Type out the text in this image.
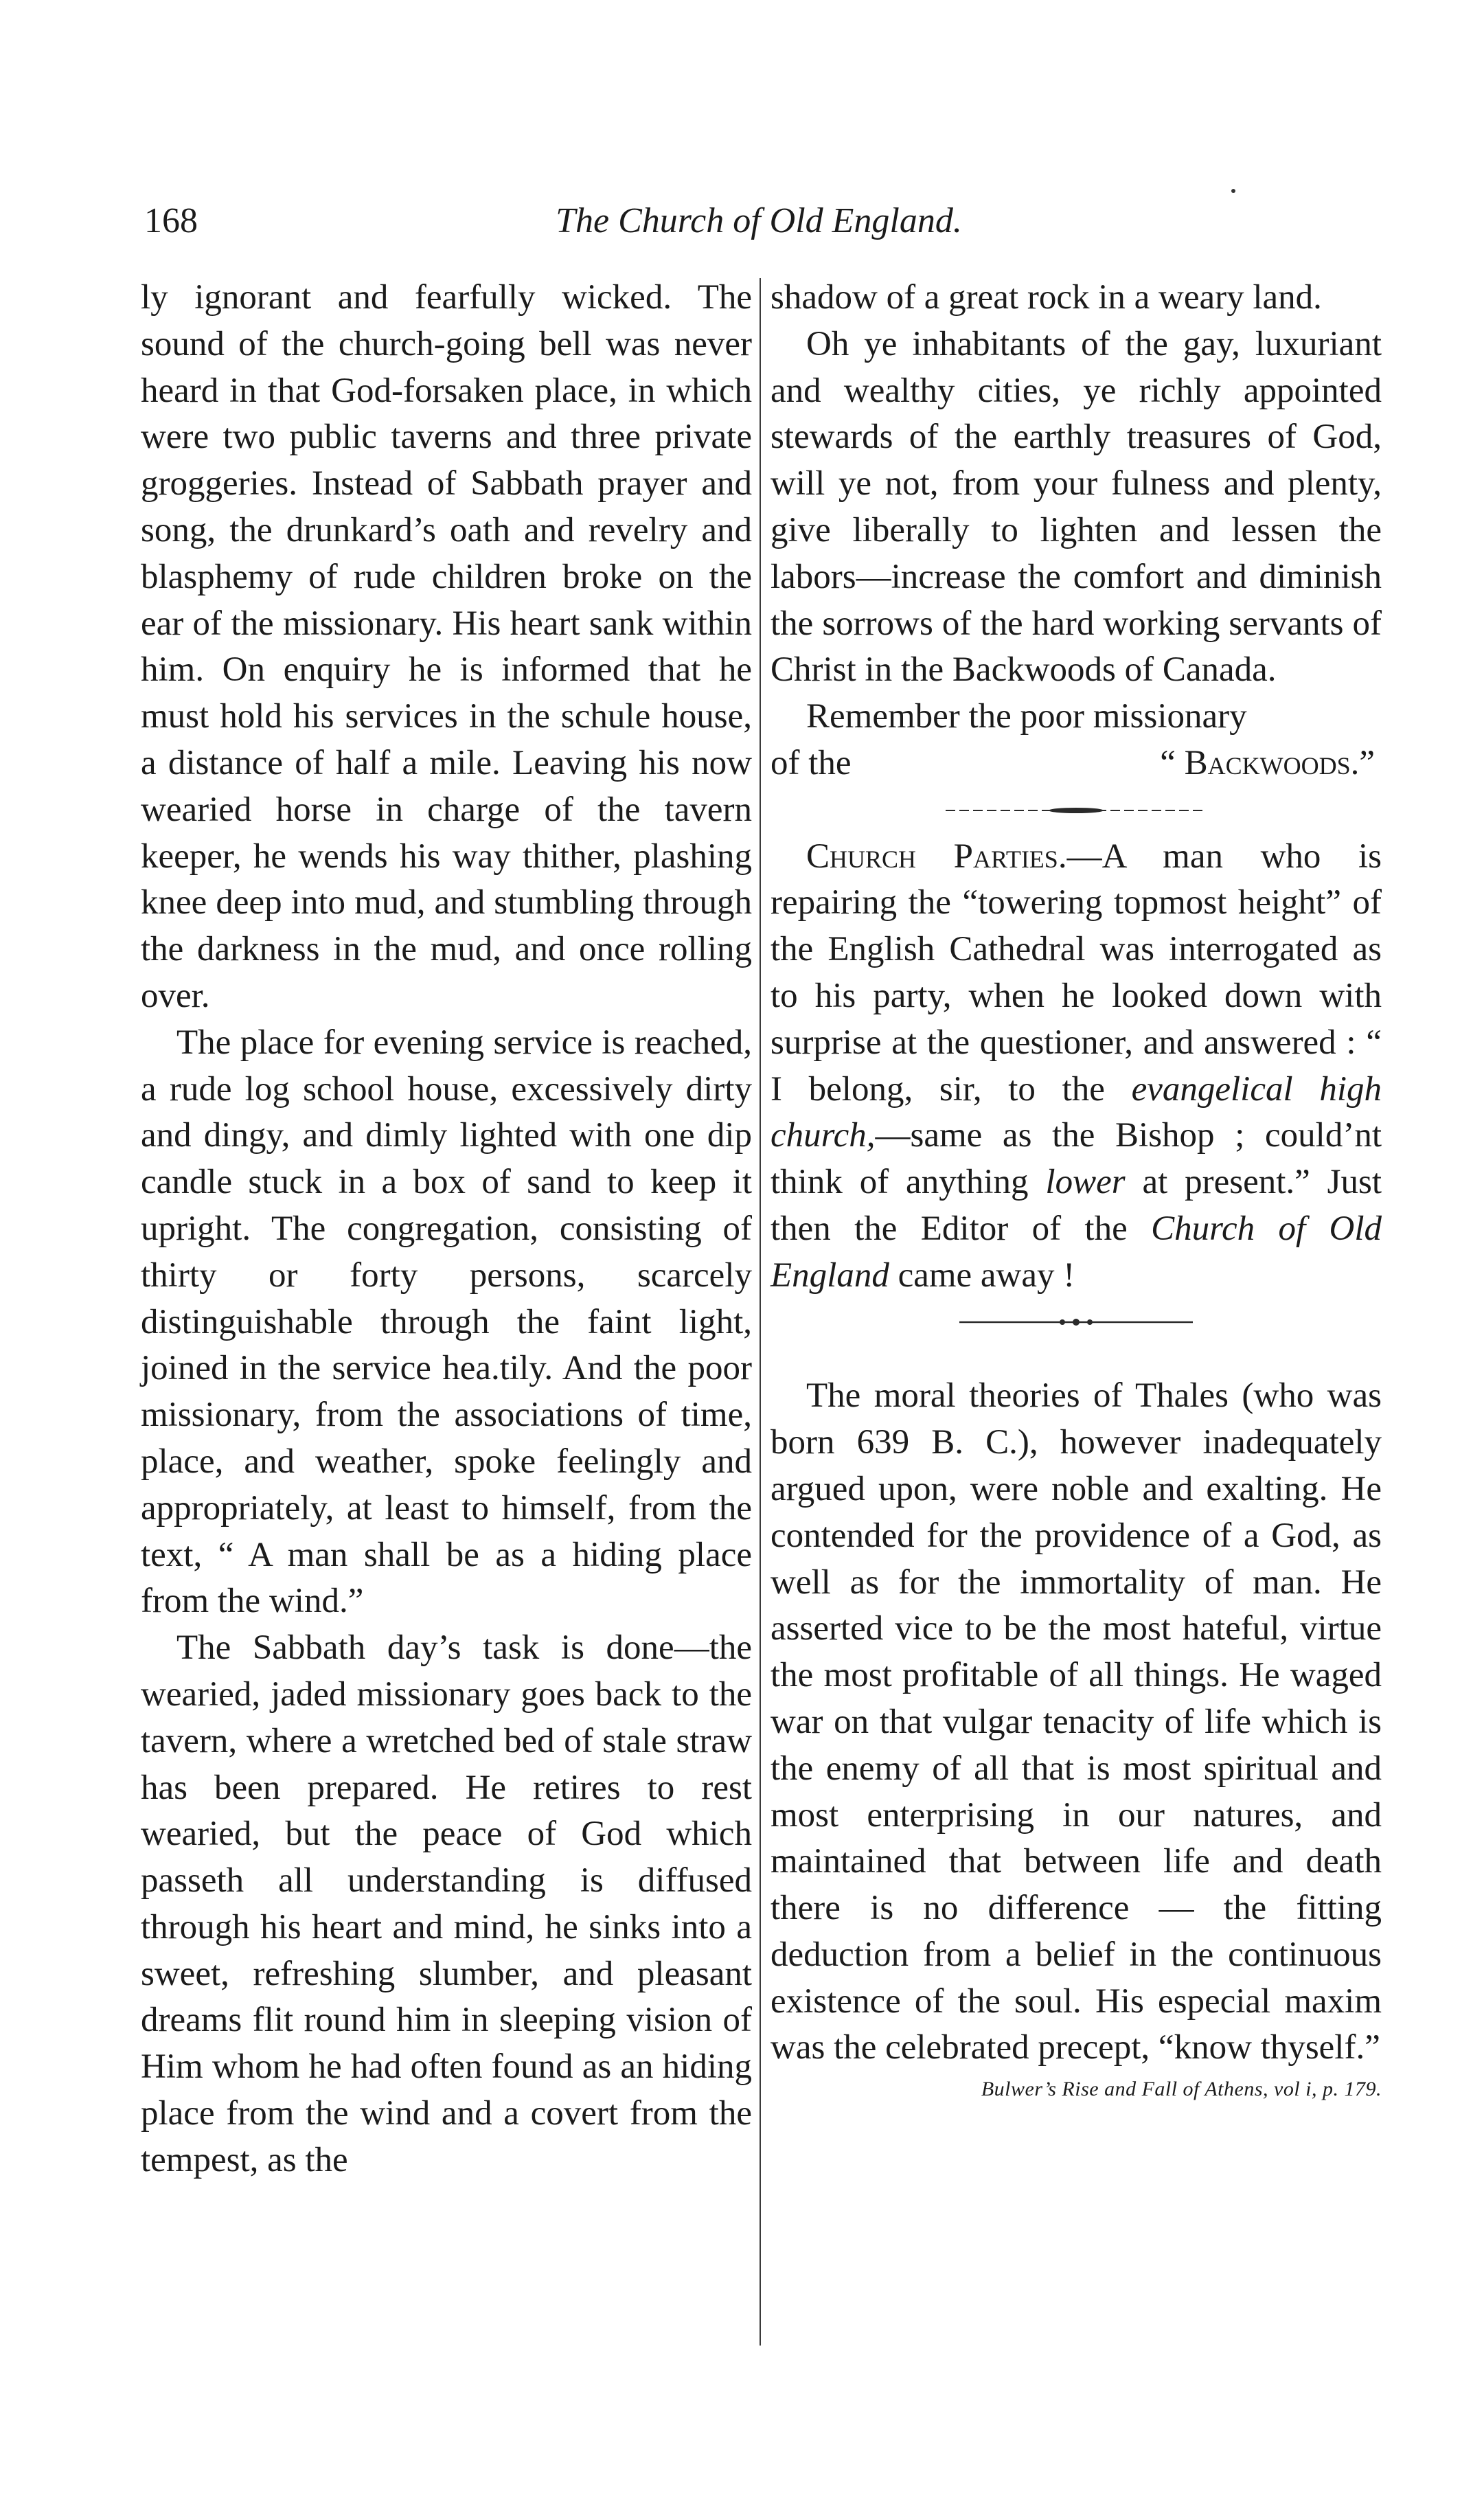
168	The Church of Old England.

ly ignorant and fearfully wicked. The sound of the church-going bell was never heard in that God-forsaken place, in which were two public taverns and three private groggeries. Instead of Sabbath prayer and song, the drunkard’s oath and revelry and blasphemy of rude children broke on the ear of the missionary. His heart sank within him. On enquiry he is informed that he must hold his services in the schule house, a distance of half a mile. Leaving his now wearied horse in charge of the tavern keeper, he wends his way thither, plashing knee deep into mud, and stumbling through the darkness in the mud, and once rolling over.

The place for evening service is reached, a rude log school house, excessively dirty and dingy, and dimly lighted with one dip candle stuck in a box of sand to keep it upright. The congregation, consisting of thirty or forty persons, scarcely distinguishable through the faint light, joined in the service hea.tily. And the poor missionary, from the associations of time, place, and weather, spoke feelingly and appropriately, at least to himself, from the text, “ A man shall be as a hiding place from the wind.”

The Sabbath day’s task is done—the wearied, jaded missionary goes back to the tavern, where a wretched bed of stale straw has been prepared. He retires to rest wearied, but the peace of God which passeth all understanding is diffused through his heart and mind, he sinks into a sweet, refreshing slumber, and pleasant dreams flit round him in sleeping vision of Him whom he had often found as an hiding place from the wind and a covert from the tempest, as the

shadow of a great rock in a weary land.

Oh ye inhabitants of the gay, luxuriant and wealthy cities, ye richly appointed stewards of the earthly treasures of God, will ye not, from your fulness and plenty, give liberally to lighten and lessen the labors—increase the comfort and diminish the sorrows of the hard working servants of Christ in the Backwoods of Canada.

Remember the poor missionary

of the	“ Backwoods.”

Church Parties.—A man who is repairing the “towering topmost height” of the English Cathedral was interrogated as to his party, when he looked down with surprise at the questioner, and answered : “ I belong, sir, to the evangelical high church,—same as the Bishop ; could’nt think of anything lower at present.” Just then the Editor of the Church of Old England came away !

The moral theories of Thales (who was born 639 B. C.), however inadequately argued upon, were noble and exalting. He contended for the providence of a God, as well as for the immortality of man. He asserted vice to be the most hateful, virtue the most profitable of all things. He waged war on that vulgar tenacity of life which is the enemy of all that is most spiritual and most enterprising in our natures, and maintained that between life and death there is no difference — the fitting deduction from a belief in the continuous existence of the soul. His especial maxim was the celebrated precept, “know thyself.”

Bulwer’s Rise and Fall of Athens, vol i, p. 179.
